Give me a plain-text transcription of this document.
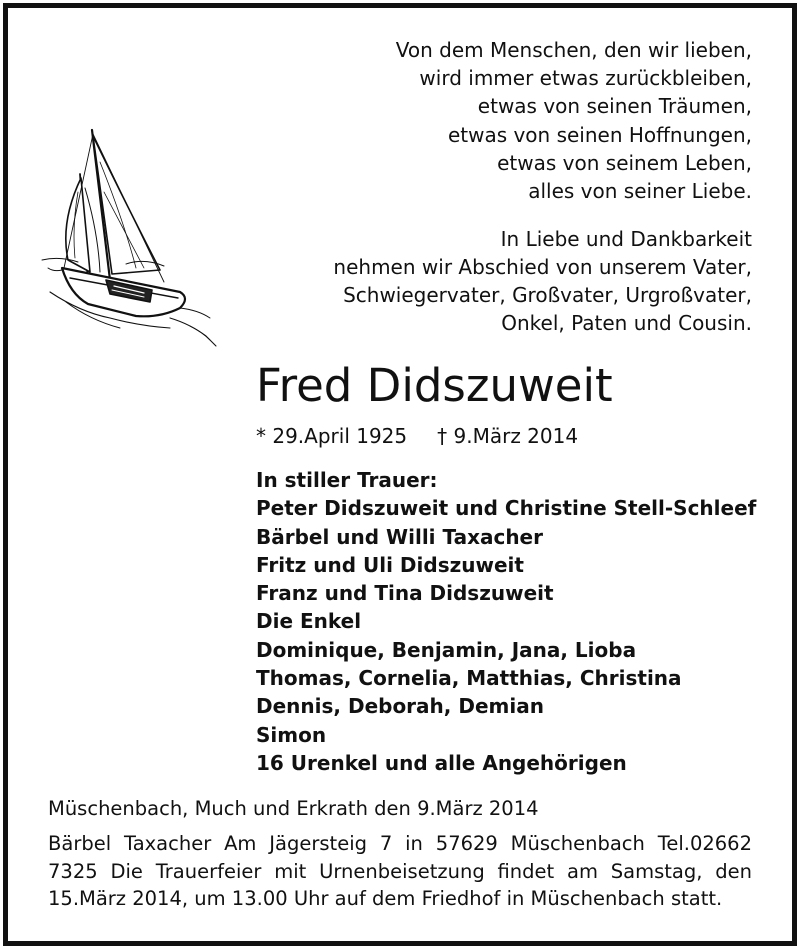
Von dem Menschen, den wir lieben,
wird immer etwas zurückbleiben,
etwas von seinen Träumen,
etwas von seinen Hoffnungen,
etwas von seinem Leben,
alles von seiner Liebe.
In Liebe und Dankbarkeit
nehmen wir Abschied von unserem Vater,
Schwiegervater, Großvater, Urgroßvater,
Onkel, Paten und Cousin.
Fred Didszuweit
* 29.April 1925 † 9.März 2014
In stiller Trauer:
Peter Didszuweit und Christine Stell-Schleef
Bärbel und Willi Taxacher
Fritz und Uli Didszuweit
Franz und Tina Didszuweit
Die Enkel
Dominique, Benjamin, Jana, Lioba
Thomas, Cornelia, Matthias, Christina
Dennis, Deborah, Demian
Simon
16 Urenkel und alle Angehörigen
Müschenbach, Much und Erkrath den 9.März 2014
Bärbel Taxacher Am Jägersteig 7 in 57629 Müschenbach Tel.02662 7325 Die Trauerfeier mit Urnenbeisetzung findet am Samstag, den 15.März 2014, um 13.00 Uhr auf dem Friedhof in Müschenbach statt.
